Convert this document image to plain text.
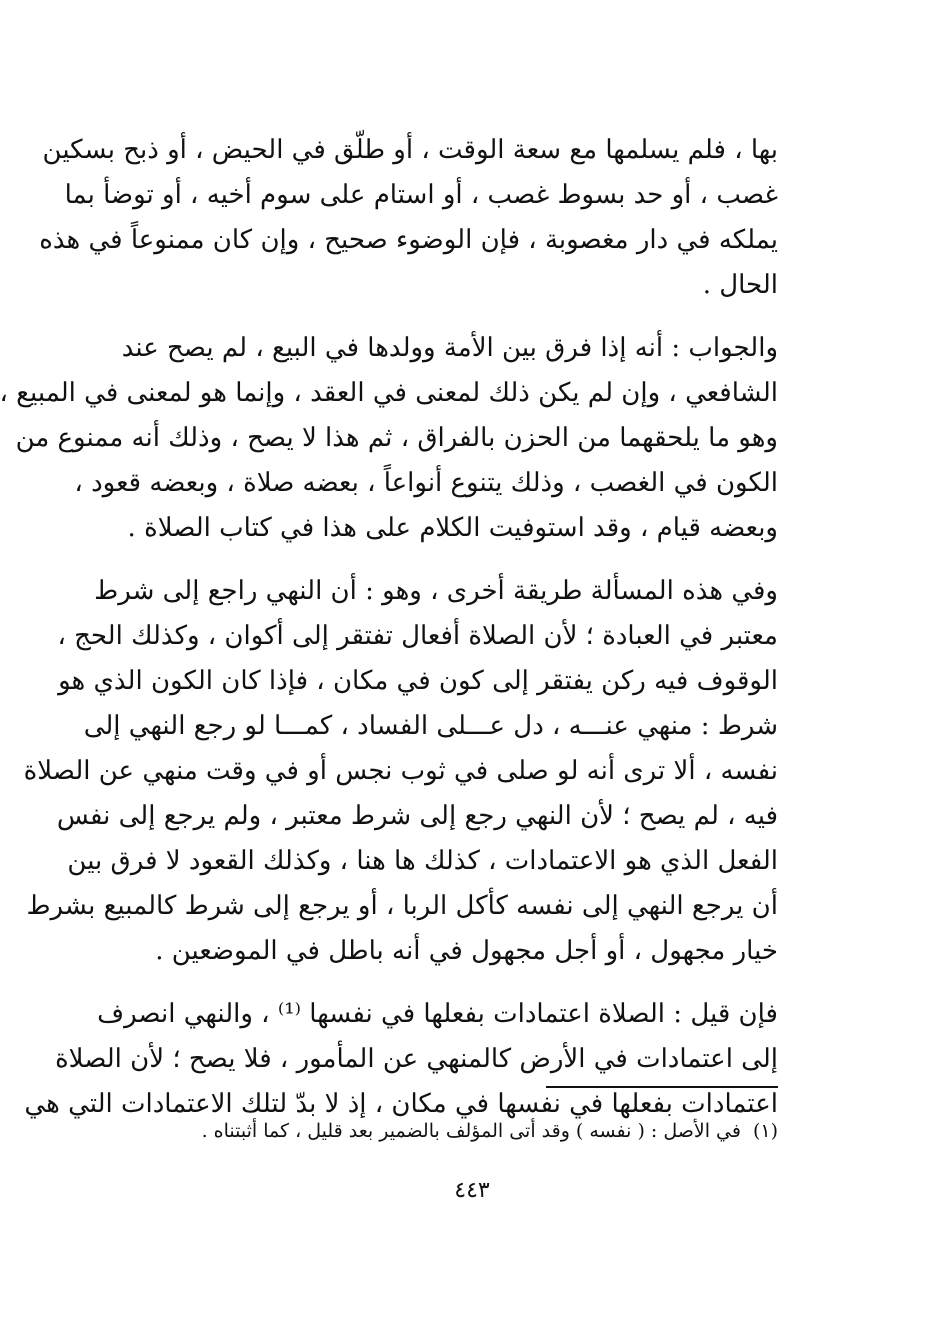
بها ، فلم يسلمها مع سعة الوقت ، أو طلّق في الحيض ، أو ذبح بسكين
غصب ، أو حد بسوط غصب ، أو استام على سوم أخيه ، أو توضأ بما
يملكه في دار مغصوبة ، فإن الوضوء صحيح ، وإن كان ممنوعاً في هذه
الحال .
والجواب : أنه إذا فرق بين الأمة وولدها في البيع ، لم يصح عند
الشافعي ، وإن لم يكن ذلك لمعنى في العقد ، وإنما هو لمعنى في المبيع ،
وهو ما يلحقهما من الحزن بالفراق ، ثم هذا لا يصح ، وذلك أنه ممنوع من
الكون في الغصب ، وذلك يتنوع أنواعاً ، بعضه صلاة ، وبعضه قعود ،
وبعضه قيام ، وقد استوفيت الكلام على هذا في كتاب الصلاة .
وفي هذه المسألة طريقة أخرى ، وهو : أن النهي راجع إلى شرط
معتبر في العبادة ؛ لأن الصلاة أفعال تفتقر إلى أكوان ، وكذلك الحج ،
الوقوف فيه ركن يفتقر إلى كون في مكان ، فإذا كان الكون الذي هو
شرط : منهي عنـــه ، دل عـــلى الفساد ، كمـــا لو رجع النهي إلى
نفسه ، ألا ترى أنه لو صلى في ثوب نجس أو في وقت منهي عن الصلاة
فيه ، لم يصح ؛ لأن النهي رجع إلى شرط معتبر ، ولم يرجع إلى نفس
الفعل الذي هو الاعتمادات ، كذلك ها هنا ، وكذلك القعود لا فرق بين
أن يرجع النهي إلى نفسه كأكل الربا ، أو يرجع إلى شرط كالمبيع بشرط
خيار مجهول ، أو أجل مجهول في أنه باطل في الموضعين .
فإن قيل : الصلاة اعتمادات بفعلها في نفسها ⁽¹⁾ ، والنهي انصرف
إلى اعتمادات في الأرض كالمنهي عن المأمور ، فلا يصح ؛ لأن الصلاة
اعتمادات بفعلها في نفسها في مكان ، إذ لا بدّ لتلك الاعتمادات التي هي
(١)في الأصل : ( نفسه ) وقد أتى المؤلف بالضمير بعد قليل ، كما أثبتناه .
٤٤٣
